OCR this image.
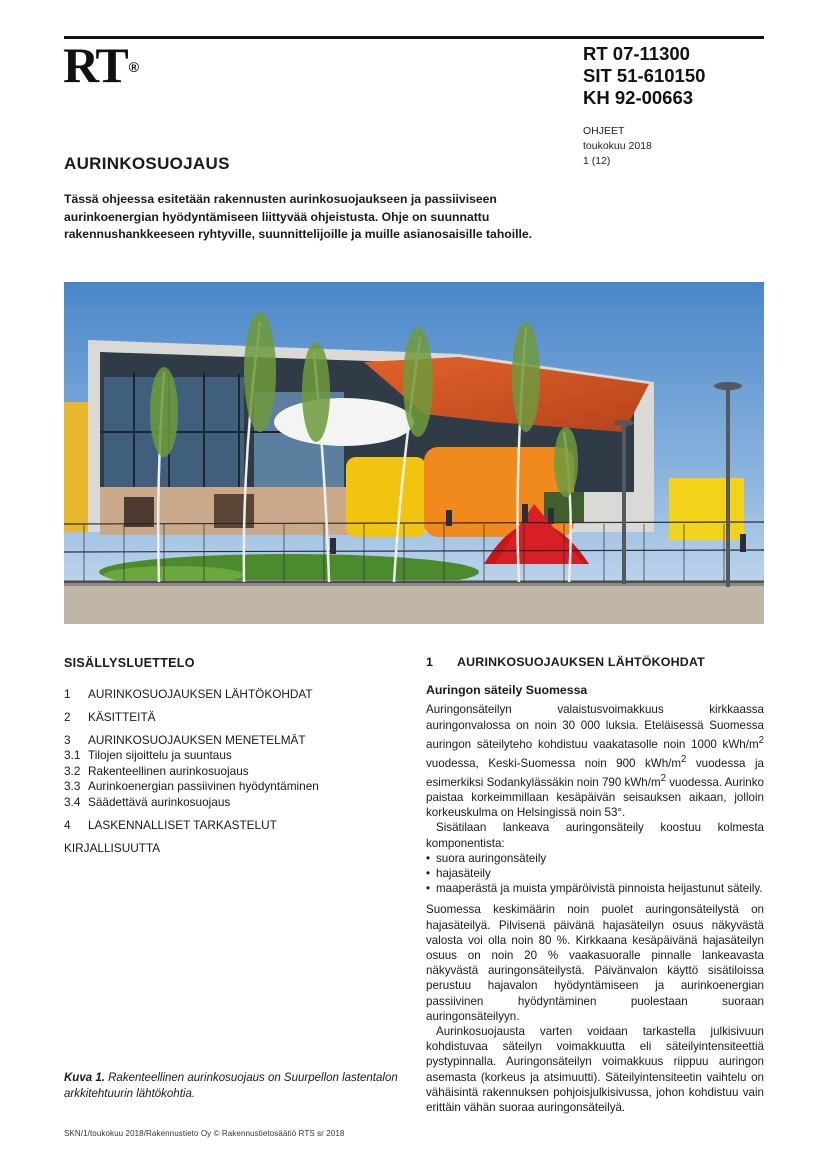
RT ®
RT 07-11300
SIT 51-610150
KH 92-00663
OHJEET
toukokuu 2018
1 (12)
AURINKOSUOJAUS

Tässä ohjeessa esitetään rakennusten aurinkosuojaukseen ja passiiviseen aurinkoenergian hyödyntämiseen liittyvää ohjeistusta. Ohje on suunnattu rakennushankkeeseen ryhtyville, suunnittelijoille ja muille asianosaisille tahoille.

SISÄLLYSLUETTELO
1	AURINKOSUOJAUKSEN LÄHTÖKOHDAT
2	KÄSITTEITÄ
3	AURINKOSUOJAUKSEN MENETELMÄT
3.1 Tilojen sijoittelu ja suuntaus
3.2 Rakenteellinen aurinkosuojaus
3.3 Aurinkoenergian passiivinen hyödyntäminen
3.4 Säädettävä aurinkosuojaus
4	LASKENNALLISET TARKASTELUT
KIRJALLISUUTTA

Kuva 1. Rakenteellinen aurinkosuojaus on Suurpellon lastentalon arkkitehtuurin lähtökohtia.

1	AURINKOSUOJAUKSEN LÄHTÖKOHDAT
Auringon säteily Suomessa

Auringonsäteilyn valaistusvoimakkuus kirkkaassa auringonvalossa on noin 30 000 luksia. Eteläisessä Suomessa auringon säteilyteho kohdistuu vaakatasolle noin 1000 kWh/$m^2$ vuodessa, Keski-Suomessa noin 900 kWh/$m^2$ vuodessa ja esimerkiksi Sodankylässäkin noin 790 kWh/$m^2$ vuodessa. Aurinko paistaa korkeimmillaan kesäpäivän seisauksen aikaan, jolloin korkeuskulma on Helsingissä noin 53°.

Sisätilaan lankeava auringonsäteily koostuu kolmesta komponentista:

• suora auringonsäteily
• hajasäteily
• maaperästä ja muista ympäröivistä pinnoista heijastunut säteily.

Suomessa keskimäärin noin puolet auringonsäteilystä on hajasäteilyä. Pilvisenä päivänä hajasäteilyn osuus näkyvästä valosta voi olla noin 80 %. Kirkkaana kesäpäivänä hajasäteilyn osuus on noin 20 % vaakasuoralle pinnalle lankeavasta näkyvästä auringonsäteilystä. Päivänvalon käyttö sisätiloissa perustuu hajavalon hyödyntämiseen ja aurinkoenergian passiivinen hyödyntäminen puolestaan suoraan auringonsäteilyyn.

Aurinkosuojausta varten voidaan tarkastella julkisivuun kohdistuvaa säteilyn voimakkuutta eli säteilyintensiteettiä pystypinnalla. Auringonsäteilyn voimakkuus riippuu auringon asemasta (korkeus ja atsimuutti). Säteilyintensiteetin vaihtelu on vähäisintä rakennuksen pohjoisjulkisivussa, johon kohdistuu vain erittäin vähän suoraa auringonsäteilyä.

SKN/1/toukokuu 2018/Rakennustieto Oy © Rakennustietosäätiö RTS sr 2018
